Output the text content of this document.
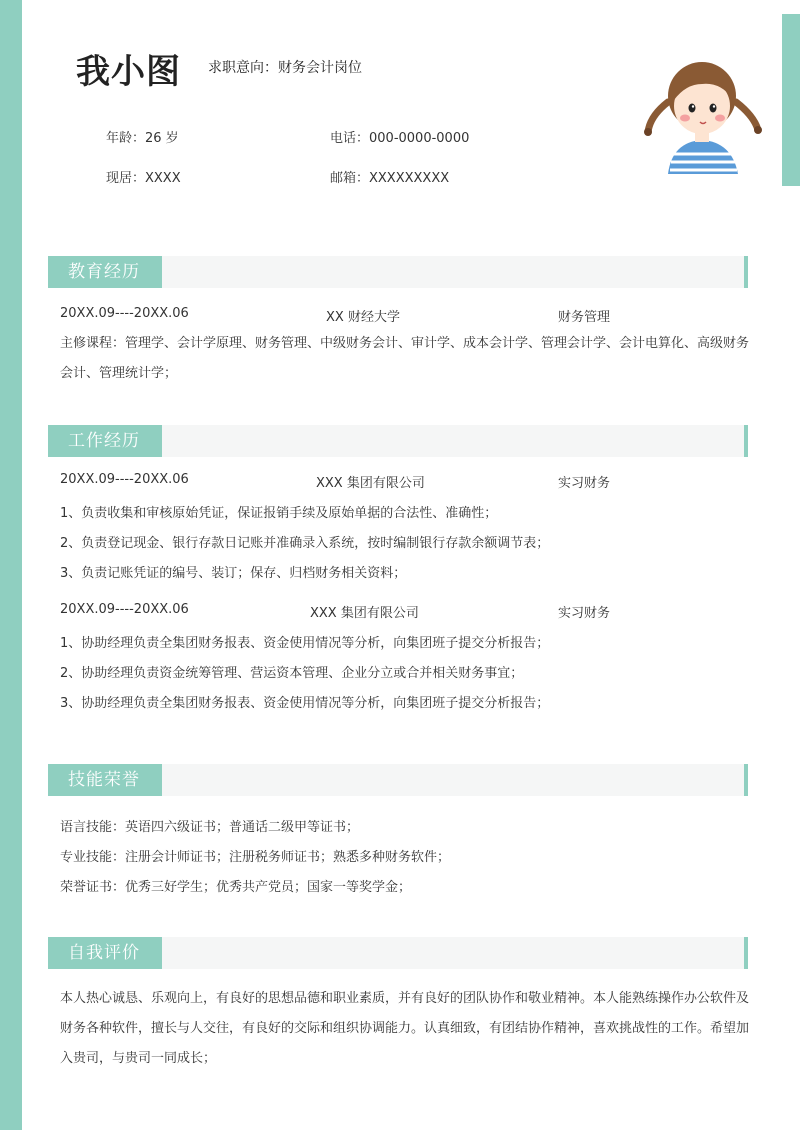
我小图 求职意向：财务会计岗位
年龄：26 岁	电话：000-0000-0000
现居：XXXX	邮箱：XXXXXXXXX
教育经历
20XX.09----20XX.06	XX 财经大学	财务管理
主修课程：管理学、会计学原理、财务管理、中级财务会计、审计学、成本会计学、管理会计学、会计电算化、高级财务会计、管理统计学；
工作经历
20XX.09----20XX.06	XXX 集团有限公司	实习财务
1、负责收集和审核原始凭证，保证报销手续及原始单据的合法性、准确性；
2、负责登记现金、银行存款日记账并准确录入系统，按时编制银行存款余额调节表；
3、负责记账凭证的编号、装订；保存、归档财务相关资料；
20XX.09----20XX.06	XXX 集团有限公司	实习财务
1、协助经理负责全集团财务报表、资金使用情况等分析，向集团班子提交分析报告；
2、协助经理负责资金统筹管理、营运资本管理、企业分立或合并相关财务事宜；
3、协助经理负责全集团财务报表、资金使用情况等分析，向集团班子提交分析报告；
技能荣誉
语言技能：英语四六级证书；普通话二级甲等证书；
专业技能：注册会计师证书；注册税务师证书；熟悉多种财务软件；
荣誉证书：优秀三好学生；优秀共产党员；国家一等奖学金；
自我评价
本人热心诚恳、乐观向上，有良好的思想品德和职业素质，并有良好的团队协作和敬业精神。本人能熟练操作办公软件及财务各种软件，擅长与人交往，有良好的交际和组织协调能力。认真细致，有团结协作精神，喜欢挑战性的工作。希望加入贵司，与贵司一同成长；
